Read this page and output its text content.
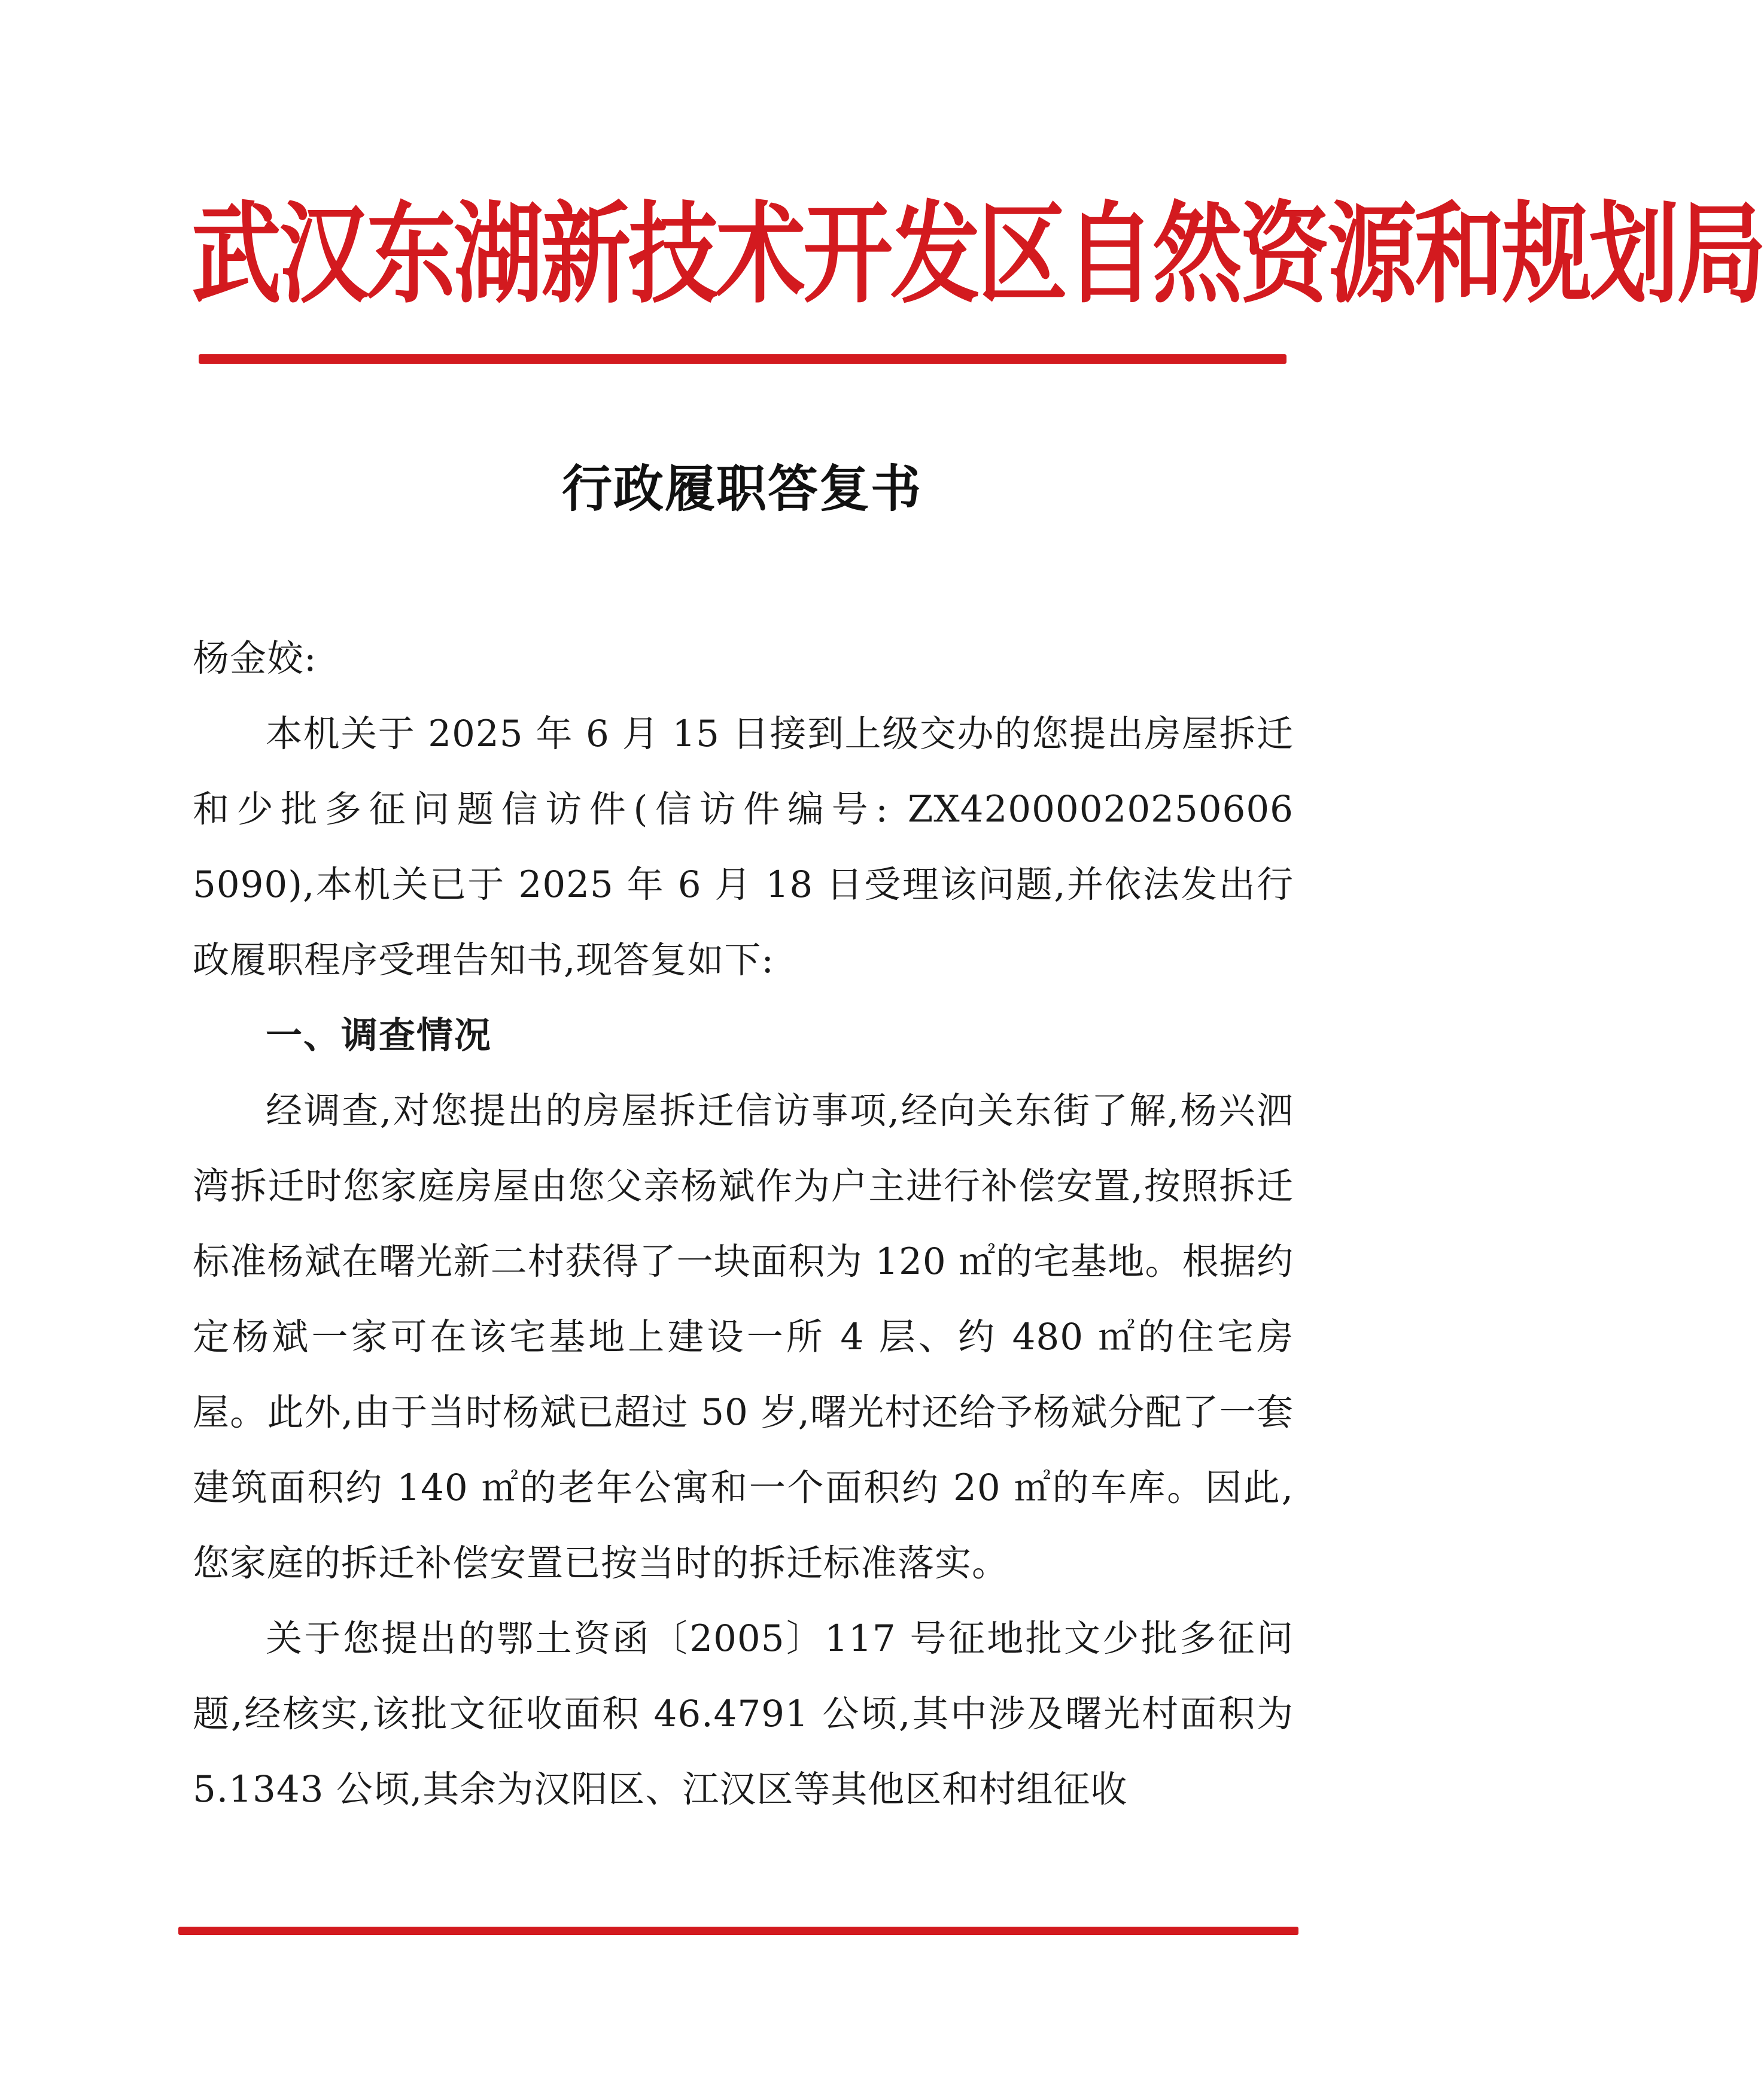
武汉东湖新技术开发区自然资源和规划局
行政履职答复书

杨金姣:

本机关于 2025 年 6 月 15 日接到上级交办的您提出房屋拆迁和少批多征问题信访件(信访件编号: ZX42000020250606 5090),本机关已于 2025 年 6 月 18 日受理该问题,并依法发出行政履职程序受理告知书,现答复如下:

一、调查情况

经调查,对您提出的房屋拆迁信访事项,经向关东街了解,杨兴泗湾拆迁时您家庭房屋由您父亲杨斌作为户主进行补偿安置,按照拆迁标准杨斌在曙光新二村获得了一块面积为 120 ㎡的宅基地。根据约定杨斌一家可在该宅基地上建设一所 4 层、约 480 ㎡的住宅房屋。此外,由于当时杨斌已超过 50 岁,曙光村还给予杨斌分配了一套建筑面积约 140 ㎡的老年公寓和一个面积约 20 ㎡的车库。因此,您家庭的拆迁补偿安置已按当时的拆迁标准落实。

关于您提出的鄂土资函〔2005〕117 号征地批文少批多征问题,经核实,该批文征收面积 46.4791 公顷,其中涉及曙光村面积为 5.1343 公顷,其余为汉阳区、江汉区等其他区和村组征收
